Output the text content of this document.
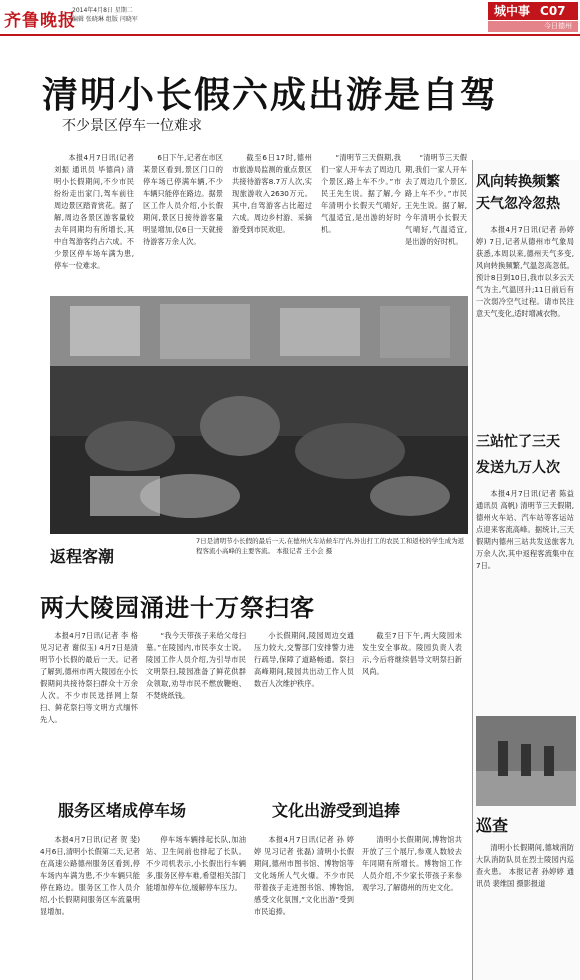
齐鲁晚报
2014年4月8日 星期二
编辑 张晓琳 组版 闫晓军
城中事 C07
今日德州
清明小长假六成出游是自驾
不少景区停车一位难求

本报4月7日讯(记者 刘振 通讯员 毕德尚) 清明小长假期间,不少市民纷纷走出家门,驾车前往周边景区踏青赏花。据了解,周边各景区游客量较去年同期均有所增长,其中自驾游客约占六成。不少景区停车场车满为患,停车一位难求。

6日下午,记者在市区某景区看到,景区门口的停车场已停满车辆,不少车辆只能停在路边。据景区工作人员介绍,小长假期间,景区日接待游客量明显增加,仅6日一天就接待游客万余人次。

截至6日17时,德州市旅游局监测的重点景区共接待游客8.7万人次,实现旅游收入2630万元。其中,自驾游客占比超过六成。周边乡村游、采摘游受到市民欢迎。

“清明节三天假期,我们一家人开车去了周边几个景区,路上车不少。”市民王先生说。据了解,今年清明小长假天气晴好,气温适宜,是出游的好时机。

“清明节三天假期,我们一家人开车去了周边几个景区,路上车不少。”市民王先生说。据了解,今年清明小长假天气晴好,气温适宜,是出游的好时机。

返程客潮
7日是清明节小长假的最后一天,在德州火车站候车厅内,外出打工的农民工和返校的学生成为返程客流小高峰的主要客流。 本报记者 王小会 摄
风向转换频繁
天气忽冷忽热

本报4月7日讯(记者 孙婷婷) 7日,记者从德州市气象局获悉,本周以来,德州天气多变,风向转换频繁,气温忽高忽低。预计8日到10日,我市以多云天气为主,气温回升;11日前后有一次弱冷空气过程。请市民注意天气变化,适时增减衣物。

三站忙了三天
发送九万人次

本报4月7日讯(记者 陈益 通讯员 高帆) 清明节三天假期,德州火车站、汽车站等客运站点迎来客流高峰。据统计,三天假期内德州三站共发送旅客九万余人次,其中返程客流集中在7日。

巡查

清明小长假期间,德城消防大队消防队员在烈士陵园内巡查火患。 本报记者 孙婷婷 通讯员 裴维国 摄影报道

两大陵园涌进十万祭扫客

本报4月7日讯(记者 李 格 见习记者 谢似玉) 4月7日是清明节小长假的最后一天。记者了解到,德州市两大陵园在小长假期间共接待祭扫群众十万余人次。不少市民选择网上祭扫、鲜花祭扫等文明方式缅怀先人。

“我今天带孩子来给父母扫墓。”在陵园内,市民李女士说。陵园工作人员介绍,为引导市民文明祭扫,陵园准备了鲜花供群众领取,劝导市民不燃放鞭炮、不焚烧纸钱。

小长假期间,陵园周边交通压力较大,交警部门安排警力进行疏导,保障了道路畅通。祭扫高峰期间,陵园共出动工作人员数百人次维护秩序。

截至7日下午,两大陵园未发生安全事故。陵园负责人表示,今后将继续倡导文明祭扫新风尚。

服务区堵成停车场	文化出游受到追捧

本报4月7日讯(记者 贺 斐) 4月6日,清明小长假第二天,记者在高速公路德州服务区看到,停车场内车满为患,不少车辆只能停在路边。服务区工作人员介绍,小长假期间服务区车流量明显增加。

停车场车辆排起长队,加油站、卫生间前也排起了长队。不少司机表示,小长假出行车辆多,服务区停车难,希望相关部门能增加停车位,缓解停车压力。

本报4月7日讯(记者 孙 婷婷 见习记者 张磊) 清明小长假期间,德州市图书馆、博物馆等文化场所人气火爆。不少市民带着孩子走进图书馆、博物馆,感受文化氛围,“文化出游”受到市民追捧。

清明小长假期间,博物馆共开放了三个展厅,参观人数较去年同期有所增长。博物馆工作人员介绍,不少家长带孩子来参观学习,了解德州的历史文化。
